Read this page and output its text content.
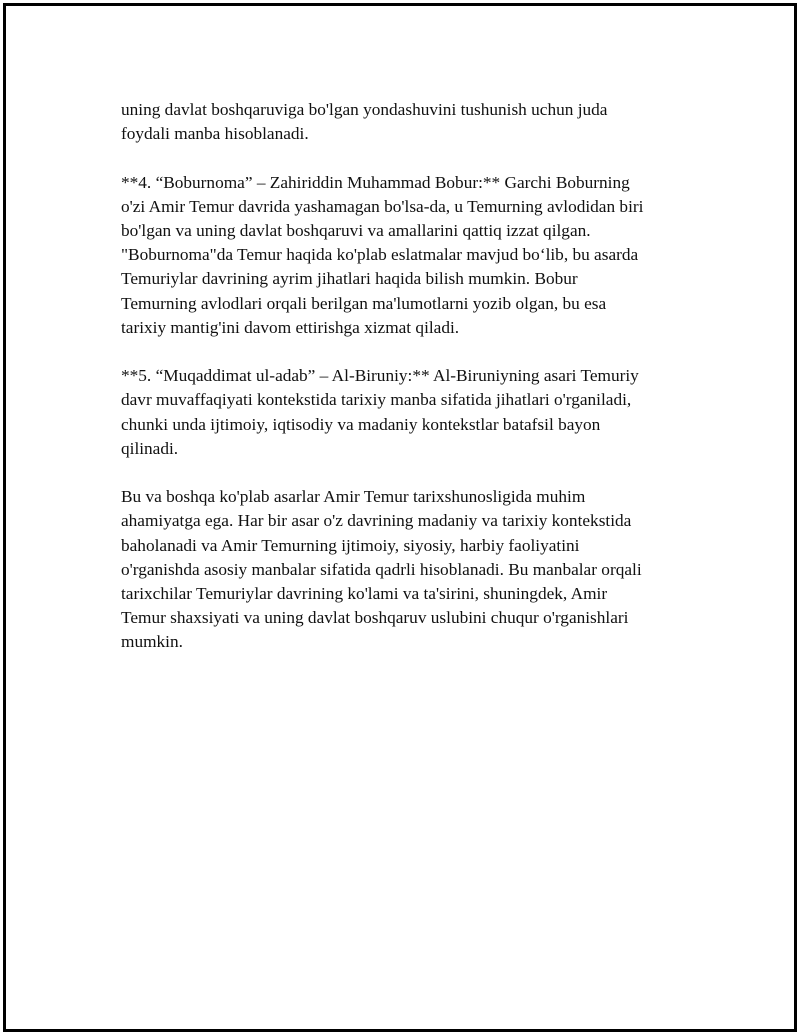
uning davlat boshqaruviga bo'lgan yondashuvini tushunish uchun juda
foydali manba hisoblanadi.

**4. “Boburnoma” – Zahiriddin Muhammad Bobur:** Garchi Boburning
o'zi Amir Temur davrida yashamagan bo'lsa-da, u Temurning avlodidan biri
bo'lgan va uning davlat boshqaruvi va amallarini qattiq izzat qilgan.
"Boburnoma"da Temur haqida ko'plab eslatmalar mavjud bo‘lib, bu asarda
Temuriylar davrining ayrim jihatlari haqida bilish mumkin. Bobur
Temurning avlodlari orqali berilgan ma'lumotlarni yozib olgan, bu esa
tarixiy mantig'ini davom ettirishga xizmat qiladi.

**5. “Muqaddimat ul-adab” – Al-Biruniy:** Al-Biruniyning asari Temuriy
davr muvaffaqiyati kontekstida tarixiy manba sifatida jihatlari o'rganiladi,
chunki unda ijtimoiy, iqtisodiy va madaniy kontekstlar batafsil bayon
qilinadi.

Bu va boshqa ko'plab asarlar Amir Temur tarixshunosligida muhim
ahamiyatga ega. Har bir asar o'z davrining madaniy va tarixiy kontekstida
baholanadi va Amir Temurning ijtimoiy, siyosiy, harbiy faoliyatini
o'rganishda asosiy manbalar sifatida qadrli hisoblanadi. Bu manbalar orqali
tarixchilar Temuriylar davrining ko'lami va ta'sirini, shuningdek, Amir
Temur shaxsiyati va uning davlat boshqaruv uslubini chuqur o'rganishlari
mumkin.
